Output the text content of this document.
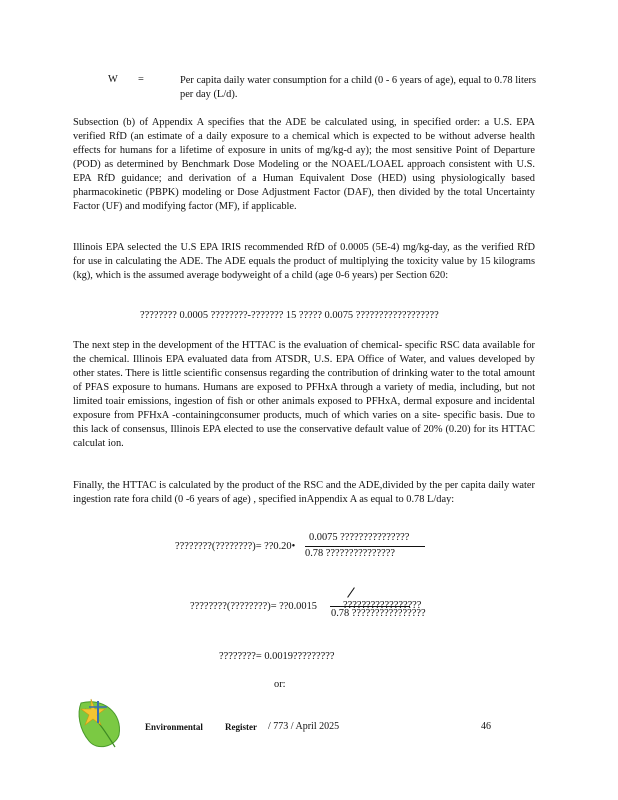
W =	Per capita daily water consumption for a child (0 - 6 years of age), equal to 0.78 liters per day (L/d).
Subsection (b) of Appendix A specifies that the ADE be calculated using, in specified order: a U.S. EPA verified RfD (an estimate of a daily exposure to a chemical which is expected to be without adverse health effects for humans for a lifetime of exposure in units of mg/kg-d ay); the most sensitive Point of Departure (POD) as determined by Benchmark Dose Modeling or the NOAEL/LOAEL approach consistent with U.S. EPA RfD guidance; and derivation of a Human Equivalent Dose (HED) using physiologically based pharmacokinetic (PBPK) modeling or Dose Adjustment Factor (DAF), then divided by the total Uncertainty Factor (UF) and modifying factor (MF), if applicable.
Illinois EPA selected the U.S EPA IRIS recommended RfD of 0.0005 (5E-4) mg/kg-day, as the verified RfD for use in calculating the ADE. The ADE equals the product of multiplying the toxicity value by 15 kilograms (kg), which is the assumed average bodyweight of a child (age 0-6 years) per Section 620:
???????? 0.0005 ????????-??????? 15 ????? 0.0075 ??????????????????
The next step in the development of the HTTAC is the evaluation of chemical- specific RSC data available for the chemical. Illinois EPA evaluated data from ATSDR, U.S. EPA Office of Water, and values developed by other states. There is little scientific consensus regarding the contribution of drinking water to the total amount of PFAS exposure to humans. Humans are exposed to PFHxA through a variety of media, including, but not limited toair emissions, ingestion of fish or other animals exposed to PFHxA, dermal exposure and incidental exposure from PFHxA -containingconsumer products, much of which varies on a site- specific basis. Due to this lack of consensus, Illinois EPA elected to use the conservative default value of 20% (0.20) for its HTTAC calculat ion.
Finally, the HTTAC is calculated by the product of the RSC and the ADE,divided by the per capita daily water ingestion rate fora child (0 -6 years of age) , specified inAppendix A as equal to 0.78 L/day:
????????(????????)= ??0.20•
0.0075 ???????????????
0.78 ???????????????
????????(????????)= ??0.0015	?????????????????
0.78 ????????????????
????????= 0.0019?????????
or:
Environmental Register / 773 / April 2025	46
